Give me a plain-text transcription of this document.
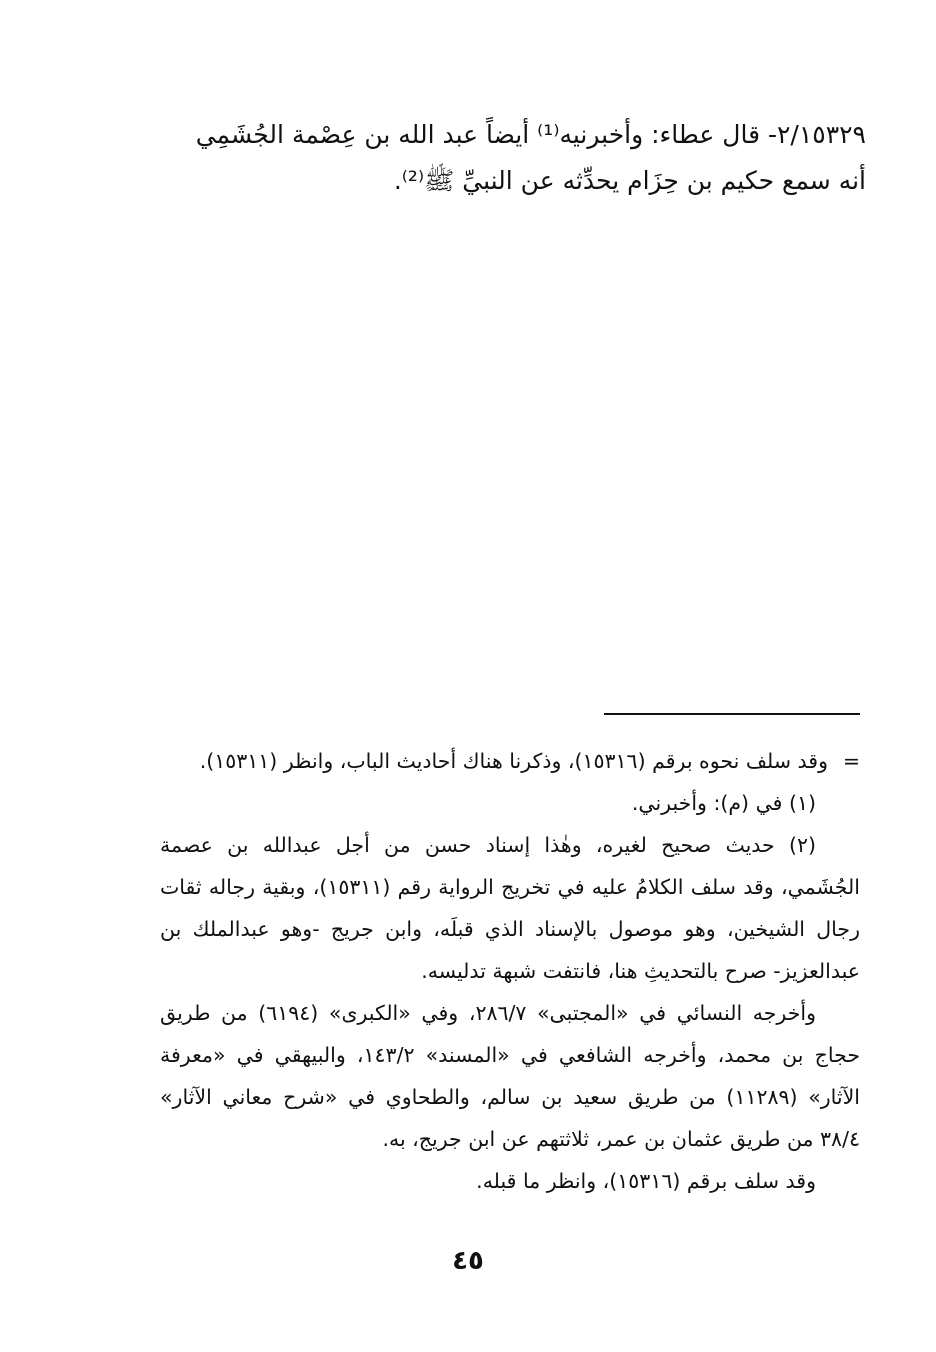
٢/١٥٣٢٩- قال عطاء: وأخبرنيه⁽¹⁾ أيضاً عبد الله بن عِصْمة الجُشَمِي

أنه سمع حكيم بن حِزَام يحدِّثه عن النبيِّ ﷺ⁽²⁾.

=
وقد سلف نحوه برقم (١٥٣١٦)، وذكرنا هناك أحاديث الباب، وانظر (١٥٣١١).

(١) في (م): وأخبرني.

(٢) حديث صحيح لغيره، وهٰذا إسناد حسن من أجل عبدالله بن عصمة الجُشَمي، وقد سلف الكلامُ عليه في تخريج الرواية رقم (١٥٣١١)، وبقية رجاله ثقات رجال الشيخين، وهو موصول بالإسناد الذي قبلَه، وابن جريج -وهو عبدالملك بن عبدالعزيز- صرح بالتحديثِ هنا، فانتفت شبهة تدليسه.

وأخرجه النسائي في «المجتبى» ٢٨٦/٧، وفي «الكبرى» (٦١٩٤) من طريق حجاج بن محمد، وأخرجه الشافعي في «المسند» ١٤٣/٢، والبيهقي في «معرفة الآثار» (١١٢٨٩) من طريق سعيد بن سالم، والطحاوي في «شرح معاني الآثار» ٣٨/٤ من طريق عثمان بن عمر، ثلاثتهم عن ابن جريج، به.

وقد سلف برقم (١٥٣١٦)، وانظر ما قبله.

٤٥
